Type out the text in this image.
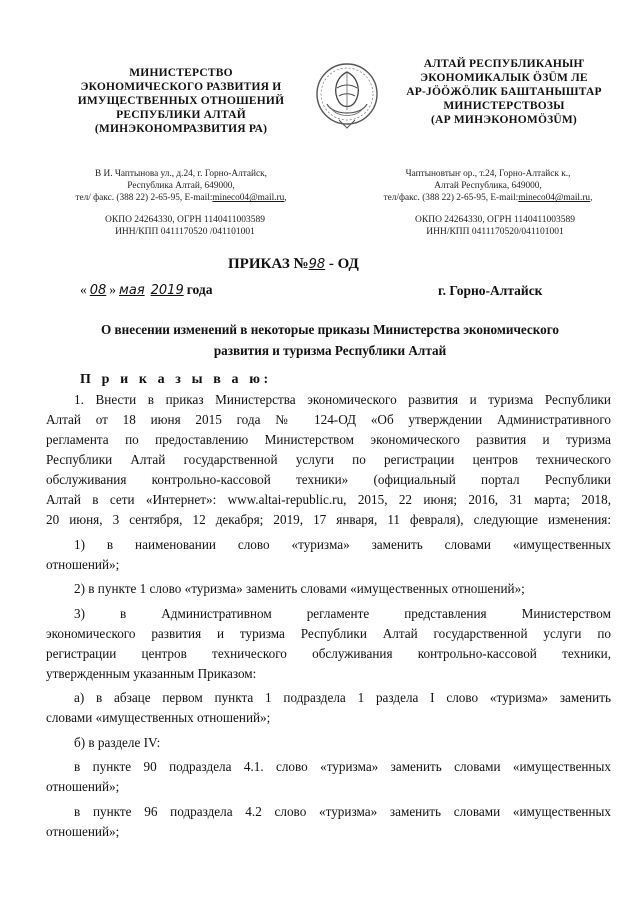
МИНИСТЕРСТВО
ЭКОНОМИЧЕСКОГО РАЗВИТИЯ И
ИМУЩЕСТВЕННЫХ ОТНОШЕНИЙ
РЕСПУБЛИКИ АЛТАЙ
(МИНЭКОНОМРАЗВИТИЯ РА)
АЛТАЙ РЕСПУБЛИКАНЫҤ
ЭКОНОМИКАЛЫК ÖЗÜМ ЛЕ
АР-JÖÖЖÖЛИК БАШТАНЫШТАР
МИНИСТЕРСТВОЗЫ
(АР МИНЭКОНОМÖЗÜМ)
В И. Чаптынова ул., д.24, г. Горно-Алтайск,
Республика Алтай, 649000,
тел/ факс. (388 22) 2-65-95, E-mail:mineco04@mail.ru,
Чаптыновтыҥ ор., т.24, Горно-Алтайск к.,
Алтай Республика, 649000,
тел/факс. (388 22) 2-65-95, E-mail:mineco04@mail.ru,
ОКПО 24264330, ОГРН 1140411003589
ИНН/КПП 0411170520 /041101001
ОКПО 24264330, ОГРН 1140411003589
ИНН/КПП 0411170520/041101001
ПРИКАЗ №98 - ОД
« 08 » мая 2019 года	г. Горно-Алтайск
О внесении изменений в некоторые приказы Министерства экономического
развития и туризма Республики Алтай
П р и к а з ы в а ю:
1. Внести в приказ Министерства экономического развития и туризма Республики
Алтай от 18 июня 2015 года № 124-ОД «Об утверждении Административного
регламента по предоставлению Министерством экономического развития и туризма
Республики Алтай государственной услуги по регистрации центров технического
обслуживания контрольно-кассовой техники» (официальный портал Республики
Алтай в сети «Интернет»: www.altai-republic.ru, 2015, 22 июня; 2016, 31 марта; 2018,
20 июня, 3 сентября, 12 декабря; 2019, 17 января, 11 февраля), следующие изменения:
1) в наименовании слово «туризма» заменить словами «имущественных
отношений»;
2) в пункте 1 слово «туризма» заменить словами «имущественных отношений»;
3) в Административном регламенте представления Министерством
экономического развития и туризма Республики Алтай государственной услуги по
регистрации центров технического обслуживания контрольно-кассовой техники,
утвержденным указанным Приказом:
а) в абзаце первом пункта 1 подраздела 1 раздела I слово «туризма» заменить
словами «имущественных отношений»;
б) в разделе IV:
в пункте 90 подраздела 4.1. слово «туризма» заменить словами «имущественных
отношений»;
в пункте 96 подраздела 4.2 слово «туризма» заменить словами «имущественных
отношений»;
